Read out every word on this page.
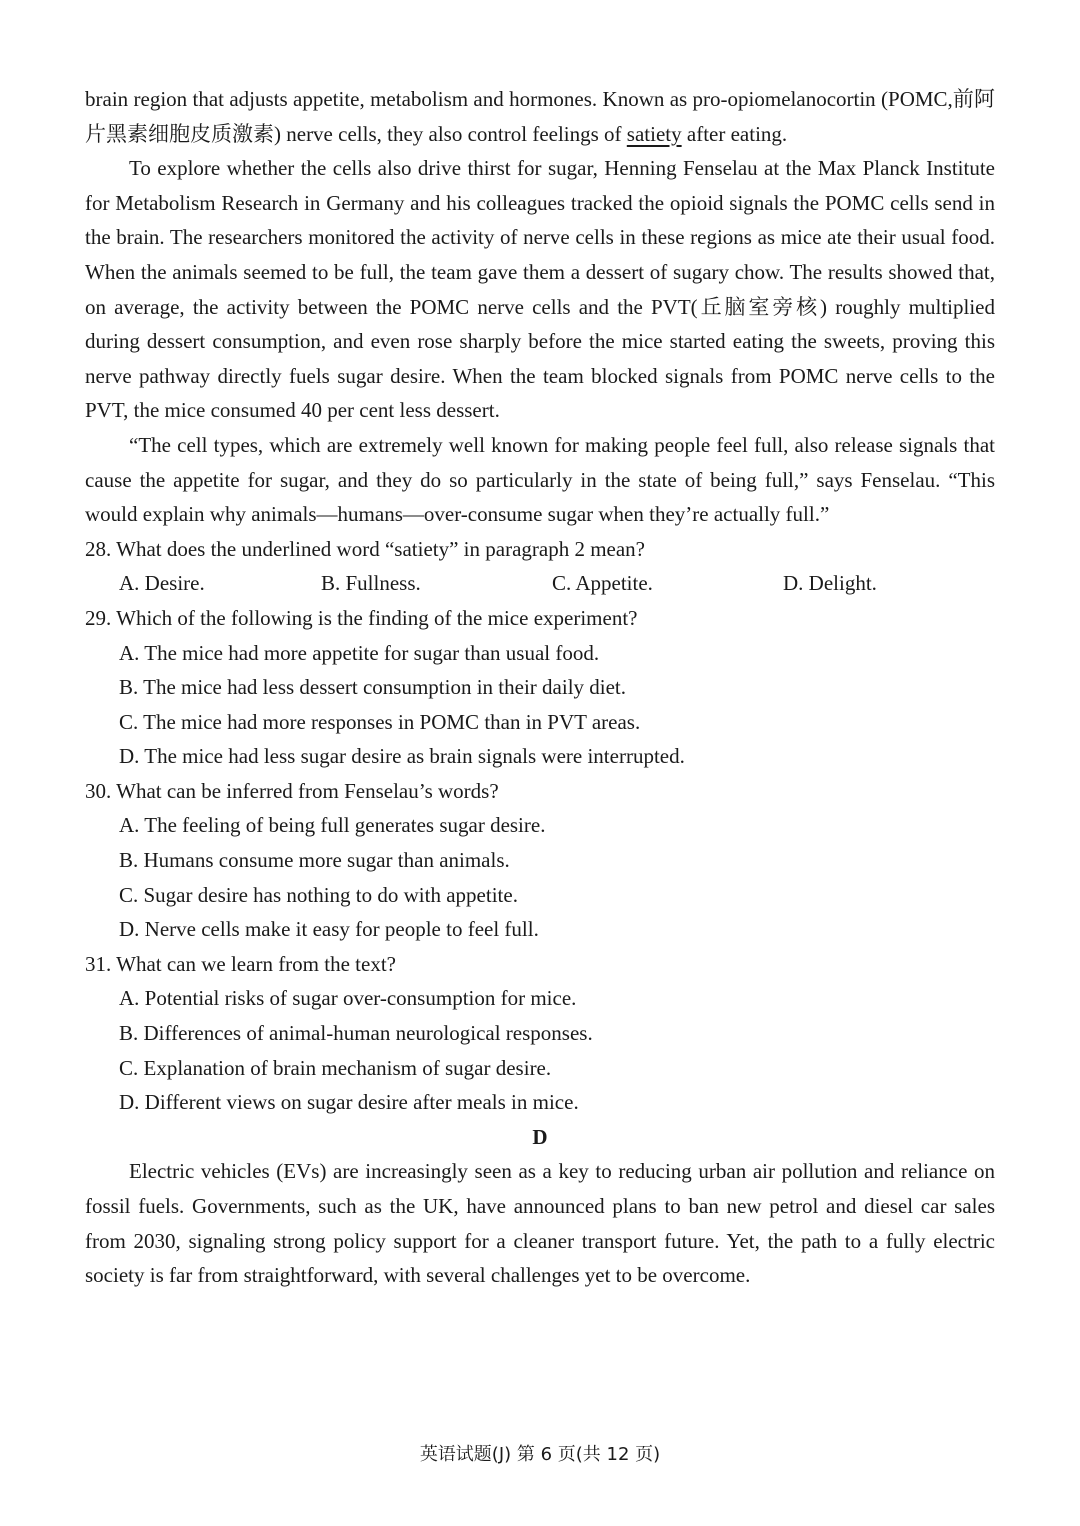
brain region that adjusts appetite, metabolism and hormones. Known as pro-opiomelanocortin (POMC,前阿片黑素细胞皮质激素) nerve cells, they also control feelings of satiety after eating.

To explore whether the cells also drive thirst for sugar, Henning Fenselau at the Max Planck Institute for Metabolism Research in Germany and his colleagues tracked the opioid signals the POMC cells send in the brain. The researchers monitored the activity of nerve cells in these regions as mice ate their usual food. When the animals seemed to be full, the team gave them a dessert of sugary chow. The results showed that, on average, the activity between the POMC nerve cells and the PVT(丘脑室旁核) roughly multiplied during dessert consumption, and even rose sharply before the mice started eating the sweets, proving this nerve pathway directly fuels sugar desire. When the team blocked signals from POMC nerve cells to the PVT, the mice consumed 40 per cent less dessert.

“The cell types, which are extremely well known for making people feel full, also release signals that cause the appetite for sugar, and they do so particularly in the state of being full,” says Fenselau. “This would explain why animals—humans—over-consume sugar when they’re actually full.”

28. What does the underlined word “satiety” in paragraph 2 mean?
A. Desire.	B. Fullness.	C. Appetite.	D. Delight.
29. Which of the following is the finding of the mice experiment?
A. The mice had more appetite for sugar than usual food.
B. The mice had less dessert consumption in their daily diet.
C. The mice had more responses in POMC than in PVT areas.
D. The mice had less sugar desire as brain signals were interrupted.
30. What can be inferred from Fenselau’s words?
A. The feeling of being full generates sugar desire.
B. Humans consume more sugar than animals.
C. Sugar desire has nothing to do with appetite.
D. Nerve cells make it easy for people to feel full.
31. What can we learn from the text?
A. Potential risks of sugar over-consumption for mice.
B. Differences of animal-human neurological responses.
C. Explanation of brain mechanism of sugar desire.
D. Different views on sugar desire after meals in mice.
D

Electric vehicles (EVs) are increasingly seen as a key to reducing urban air pollution and reliance on fossil fuels. Governments, such as the UK, have announced plans to ban new petrol and diesel car sales from 2030, signaling strong policy support for a cleaner transport future. Yet, the path to a fully electric society is far from straightforward, with several challenges yet to be overcome.

英语试题(J) 第 6 页(共 12 页)
